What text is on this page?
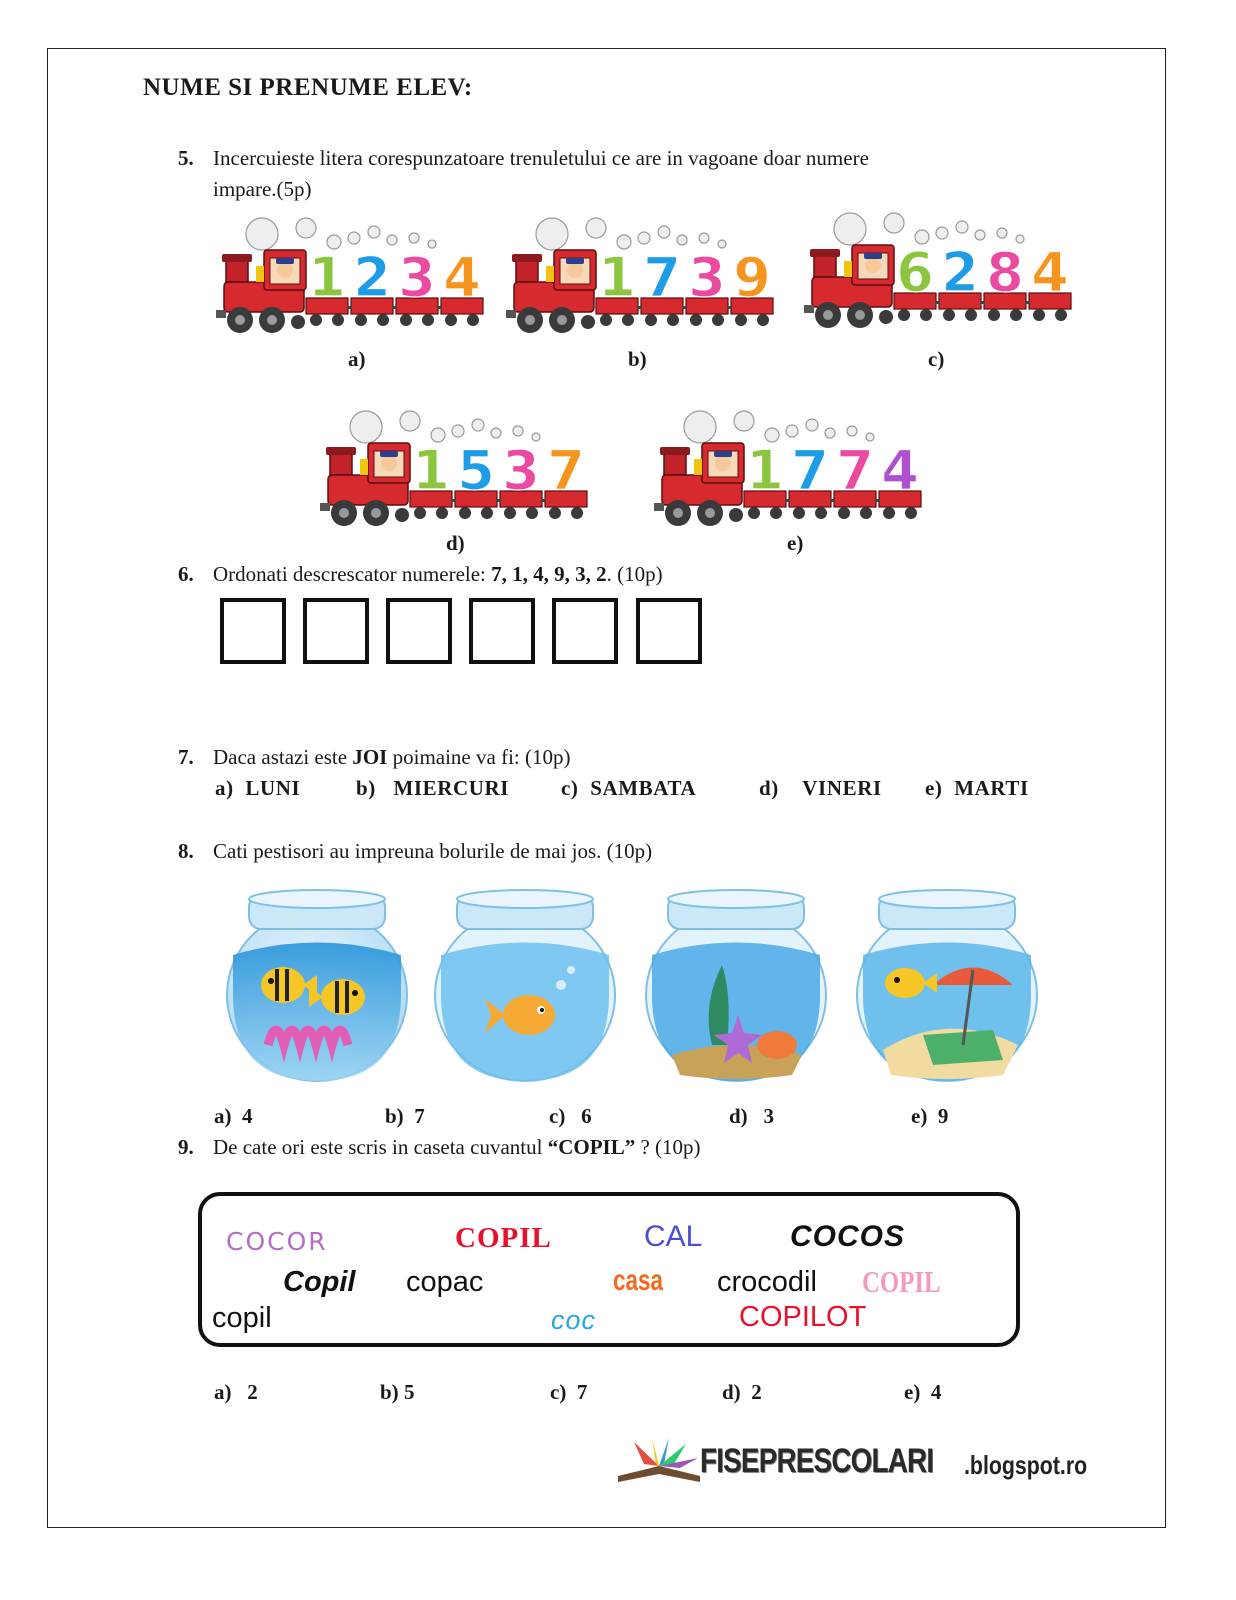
NUME SI PRENUME ELEV:
5. Incercuieste litera corespunzatoare trenuletului ce are in vagoane doar numere
impare.(5p)
1 2 3 4 1 7 3 9 6 2 8 4
1 5 3 7	1 7 7 4
a)	b)	c)
d)	e)
6. Ordonati descrescator numerele: 7, 1, 4, 9, 3, 2. (10p)
7. Daca astazi este JOI poimaine va fi: (10p)
a) LUNI	b) MIERCURI c) SAMBATA	d) VINERI e) MARTI
8. Cati pestisori au impreuna bolurile de mai jos. (10p)
a) 4	b) 7	c) 6	d) 3	e) 9
9. De cate ori este scris in caseta cuvantul “COPIL” ? (10p)
COCOR	COPIL	CAL	COCOS
Copil copac	casa crocodil COPIL
copil	coc	COPILOT
a) 2	b) 5	c) 7	d) 2	e) 4
FISEPRESCOLARI .blogspot.ro
